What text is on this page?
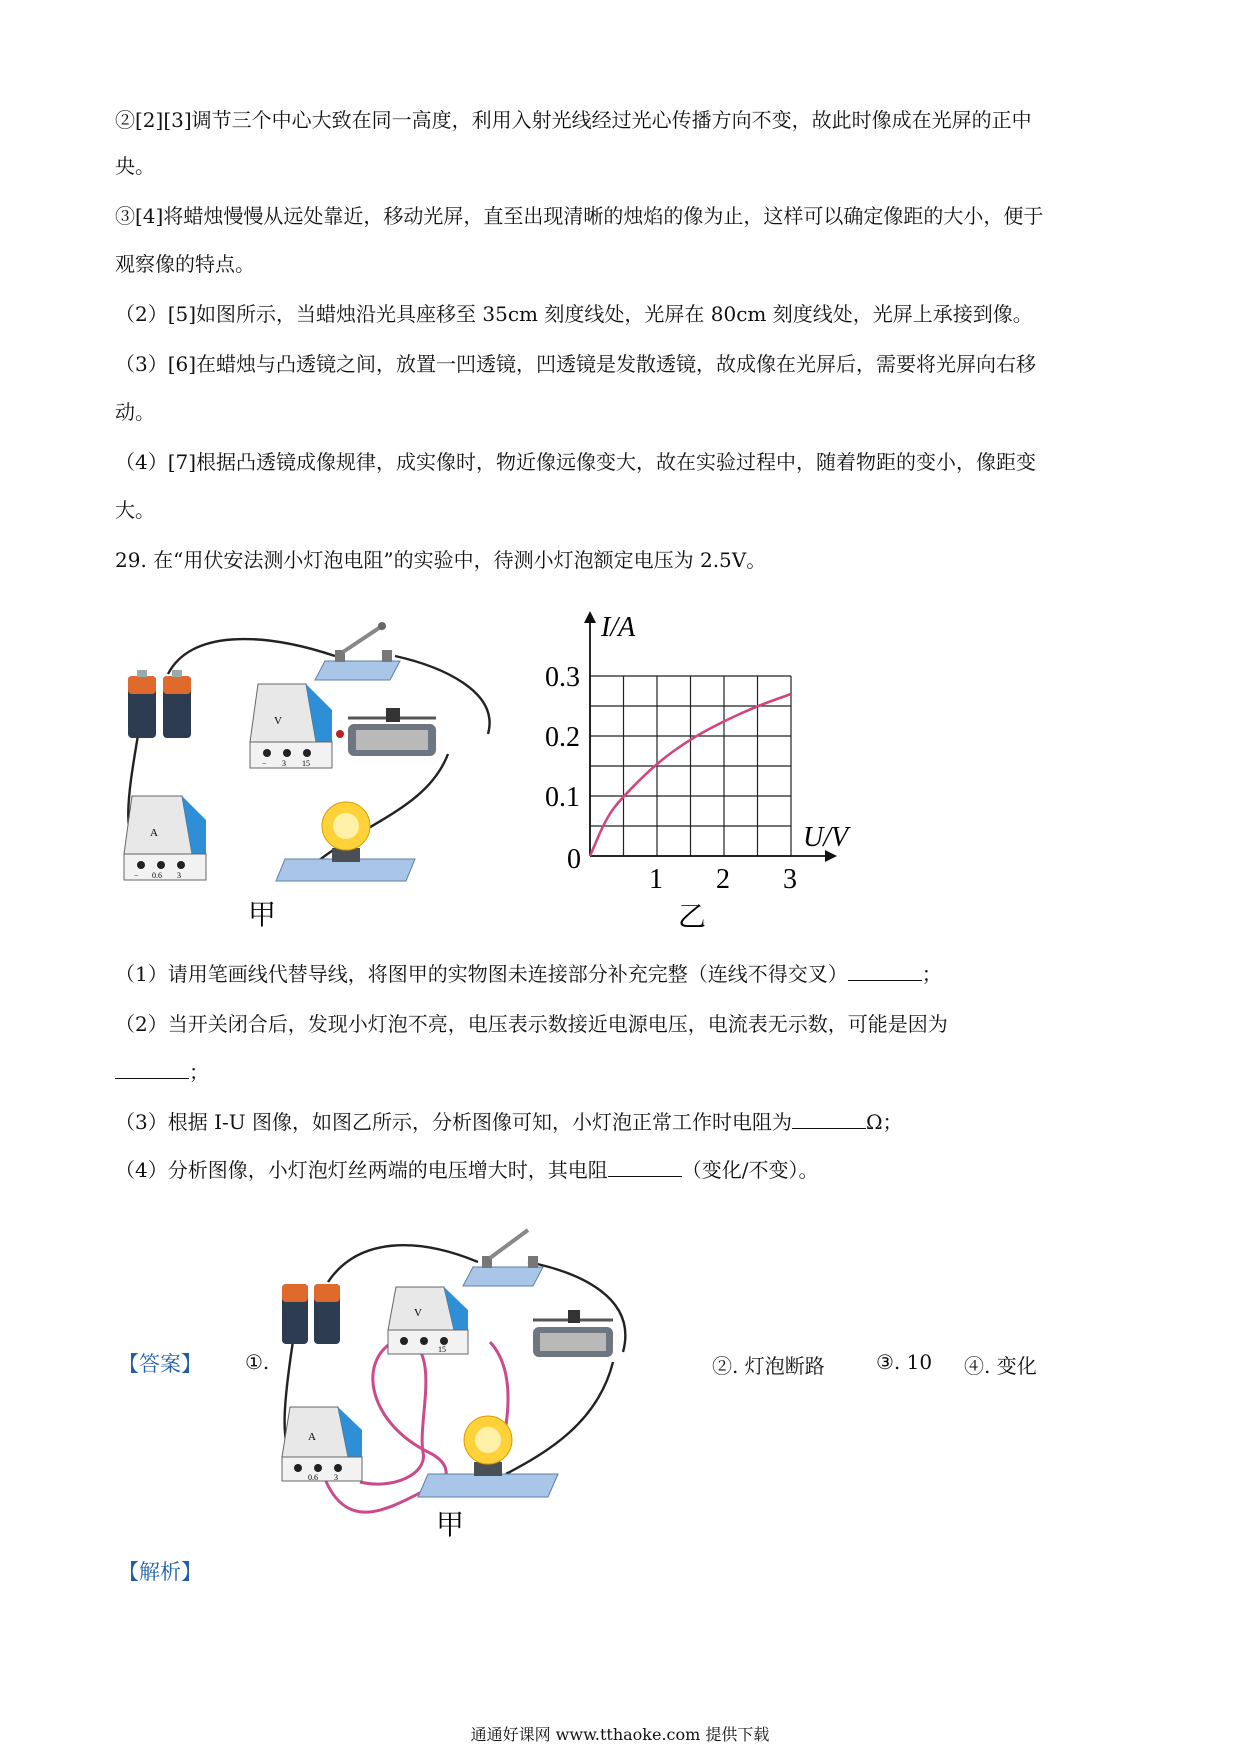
②[2][3]调节三个中心大致在同一高度，利用入射光线经过光心传播方向不变，故此时像成在光屏的正中
央。
③[4]将蜡烛慢慢从远处靠近，移动光屏，直至出现清晰的烛焰的像为止，这样可以确定像距的大小，便于
观察像的特点。
（2）[5]如图所示，当蜡烛沿光具座移至 35cm 刻度线处，光屏在 80cm 刻度线处，光屏上承接到像。
（3）[6]在蜡烛与凸透镜之间，放置一凹透镜，凹透镜是发散透镜，故成像在光屏后，需要将光屏向右移
动。
（4）[7]根据凸透镜成像规律，成实像时，物近像远像变大，故在实验过程中，随着物距的变小，像距变
大。
29. 在“用伏安法测小灯泡电阻”的实验中，待测小灯泡额定电压为 2.5V。
V
− 3 15
A
− 0.6 3
甲
I/A
U/V
0
1 2 3
0.1
0.2
0.3
乙
（1）请用笔画线代替导线，将图甲的实物图未连接部分补充完整（连线不得交叉）	；
（2）当开关闭合后，发现小灯泡不亮，电压表示数接近电源电压，电流表无示数，可能是因为
；
（3）根据 I-U 图像，如图乙所示，分析图像可知，小灯泡正常工作时电阻为	Ω；
（4）分析图像，小灯泡灯丝两端的电压增大时，其电阻	（变化/不变）。
【答案】 ①.
V
15
A
0.6 3
甲
②. 灯泡断路	③. 10 ④. 变化
【解析】
通通好课网 www.tthaoke.com 提供下载
